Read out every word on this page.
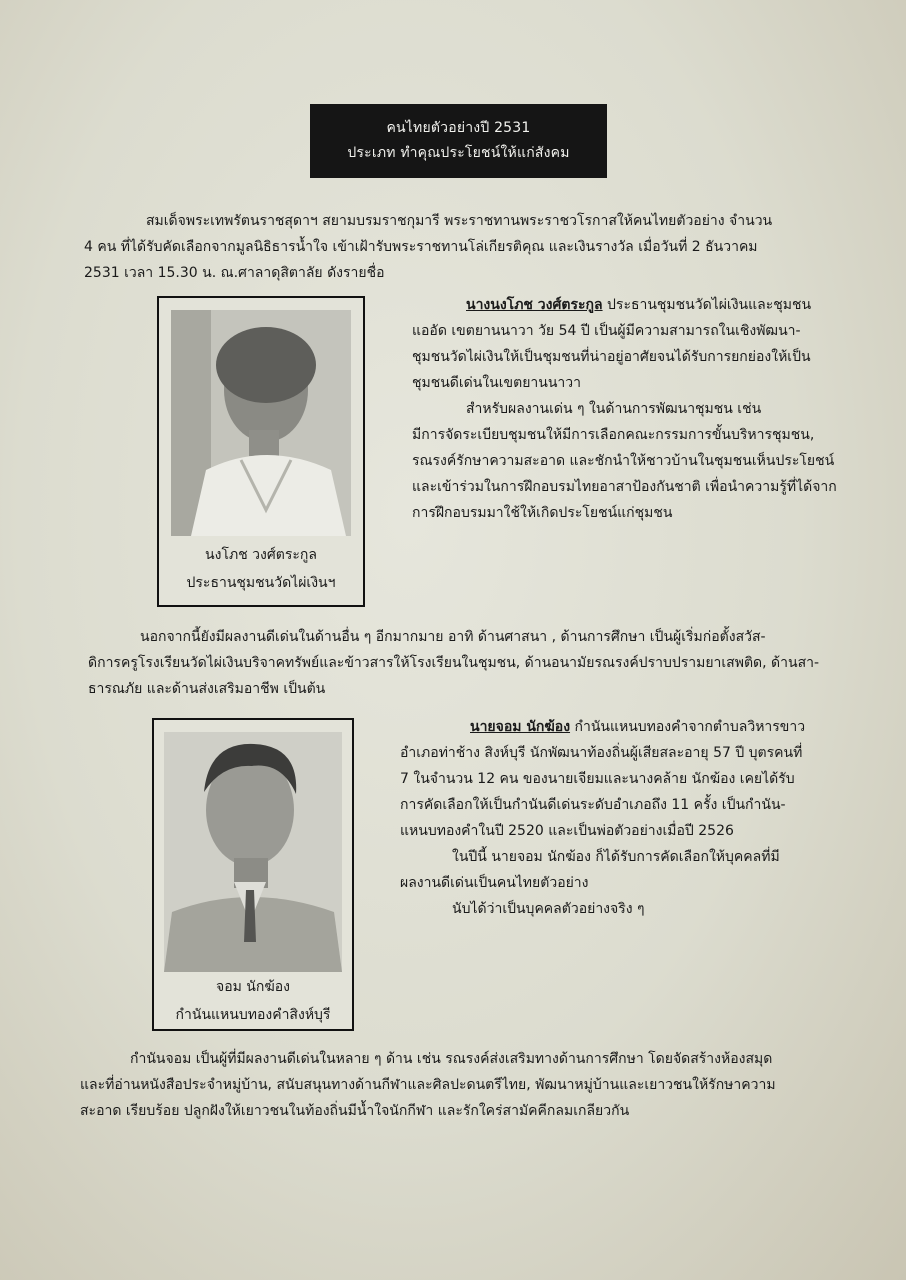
คนไทยตัวอย่างปี 2531
ประเภท ทำคุณประโยชน์ให้แก่สังคม
สมเด็จพระเทพรัตนราชสุดาฯ สยามบรมราชกุมารี พระราชทานพระราชวโรกาสให้คนไทยตัวอย่าง จำนวน
4 คน ที่ได้รับคัดเลือกจากมูลนิธิธารน้ำใจ เข้าเฝ้ารับพระราชทานโล่เกียรติคุณ และเงินรางวัล เมื่อวันที่ 2 ธันวาคม
2531 เวลา 15.30 น. ณ.ศาลาดุสิตาลัย ดังรายชื่อ
นงโภช วงศ์ตระกูล
ประธานชุมชนวัดไผ่เงินฯ
นางนงโภช วงศ์ตระกูล ประธานชุมชนวัดไผ่เงินและชุมชน
แออัด เขตยานนาวา วัย 54 ปี เป็นผู้มีความสามารถในเชิงพัฒนา-
ชุมชนวัดไผ่เงินให้เป็นชุมชนที่น่าอยู่อาศัยจนได้รับการยกย่องให้เป็น
ชุมชนดีเด่นในเขตยานนาวา
สำหรับผลงานเด่น ๆ ในด้านการพัฒนาชุมชน เช่น
มีการจัดระเบียบชุมชนให้มีการเลือกคณะกรรมการขั้นบริหารชุมชน,
รณรงค์รักษาความสะอาด และชักนำให้ชาวบ้านในชุมชนเห็นประโยชน์
และเข้าร่วมในการฝึกอบรมไทยอาสาป้องกันชาติ เพื่อนำความรู้ที่ได้จาก
การฝึกอบรมมาใช้ให้เกิดประโยชน์แก่ชุมชน
นอกจากนี้ยังมีผลงานดีเด่นในด้านอื่น ๆ อีกมากมาย อาทิ ด้านศาสนา , ด้านการศึกษา เป็นผู้เริ่มก่อตั้งสวัส-
ดิการครูโรงเรียนวัดไผ่เงินบริจาคทรัพย์และข้าวสารให้โรงเรียนในชุมชน, ด้านอนามัยรณรงค์ปราบปรามยาเสพติด, ด้านสา-
ธารณภัย และด้านส่งเสริมอาชีพ เป็นต้น
จอม นักฆ้อง
กำนันแหนบทองคำสิงห์บุรี
นายจอม นักฆ้อง กำนันแหนบทองคำจากตำบลวิหารขาว
อำเภอท่าช้าง สิงห์บุรี นักพัฒนาท้องถิ่นผู้เสียสละอายุ 57 ปี บุตรคนที่
7 ในจำนวน 12 คน ของนายเจียมและนางคล้าย นักฆ้อง เคยได้รับ
การคัดเลือกให้เป็นกำนันดีเด่นระดับอำเภอถึง 11 ครั้ง เป็นกำนัน-
แหนบทองคำในปี 2520 และเป็นพ่อตัวอย่างเมื่อปี 2526
ในปีนี้ นายจอม นักฆ้อง ก็ได้รับการคัดเลือกให้บุคคลที่มี
ผลงานดีเด่นเป็นคนไทยตัวอย่าง
นับได้ว่าเป็นบุคคลตัวอย่างจริง ๆ
กำนันจอม เป็นผู้ที่มีผลงานดีเด่นในหลาย ๆ ด้าน เช่น รณรงค์ส่งเสริมทางด้านการศึกษา โดยจัดสร้างห้องสมุด
และที่อ่านหนังสือประจำหมู่บ้าน, สนับสนุนทางด้านกีฬาและศิลปะดนตรีไทย, พัฒนาหมู่บ้านและเยาวชนให้รักษาความ
สะอาด เรียบร้อย ปลูกฝังให้เยาวชนในท้องถิ่นมีน้ำใจนักกีฬา และรักใคร่สามัคคีกลมเกลียวกัน
